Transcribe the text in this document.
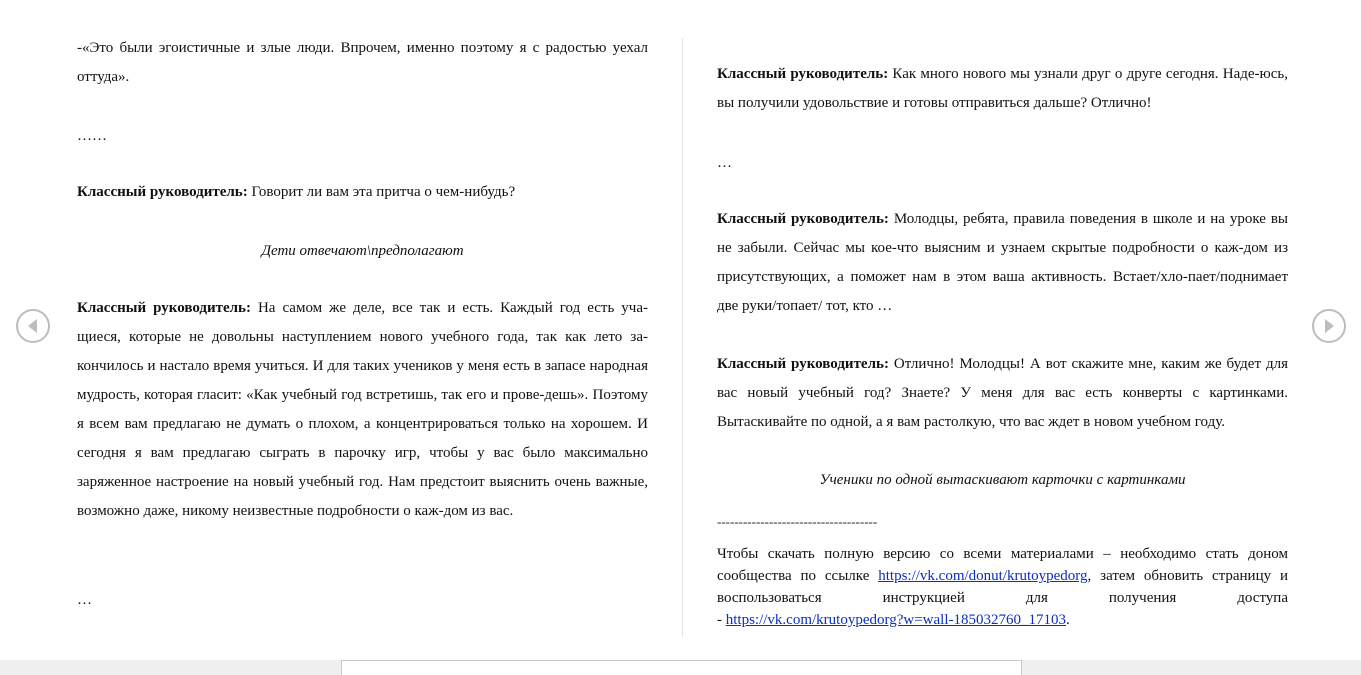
-«Это были эгоистичные и злые люди. Впрочем, именно поэтому я с радостью уехал оттуда».

……

Классный руководитель: Говорит ли вам эта притча о чем-нибудь?

Дети отвечают\предполагают

Классный руководитель: На самом же деле, все так и есть. Каждый год есть уча-щиеся, которые не довольны наступлением нового учебного года, так как лето за-кончилось и настало время учиться. И для таких учеников у меня есть в запасе народная мудрость, которая гласит: «Как учебный год встретишь, так его и прове-дешь». Поэтому я всем вам предлагаю не думать о плохом, а концентрироваться только на хорошем. И сегодня я вам предлагаю сыграть в парочку игр, чтобы у вас было максимально заряженное настроение на новый учебный год. Нам предстоит выяснить очень важные, возможно даже, никому неизвестные подробности о каж-дом из вас.

…

Классный руководитель: Как много нового мы узнали друг о друге сегодня. Наде-юсь, вы получили удовольствие и готовы отправиться дальше? Отлично!

…

Классный руководитель: Молодцы, ребята, правила поведения в школе и на уроке вы не забыли. Сейчас мы кое-что выясним и узнаем скрытые подробности о каж-дом из присутствующих, а поможет нам в этом ваша активность. Встает/хло-пает/поднимает две руки/топает/ тот, кто …

Классный руководитель: Отлично! Молодцы! А вот скажите мне, каким же будет для вас новый учебный год? Знаете? У меня для вас есть конверты с картинками. Вытаскивайте по одной, а я вам растолкую, что вас ждет в новом учебном году.

Ученики по одной вытаскивают карточки с картинками
-------------------------------------
Чтобы скачать полную версию со всеми материалами – необходимо стать доном
сообщества по ссылке https://vk.com/donut/krutoypedorg, затем обновить страницу и
воспользоваться инструкцией для получения доступа
- https://vk.com/krutoypedorg?w=wall-185032760_17103.
